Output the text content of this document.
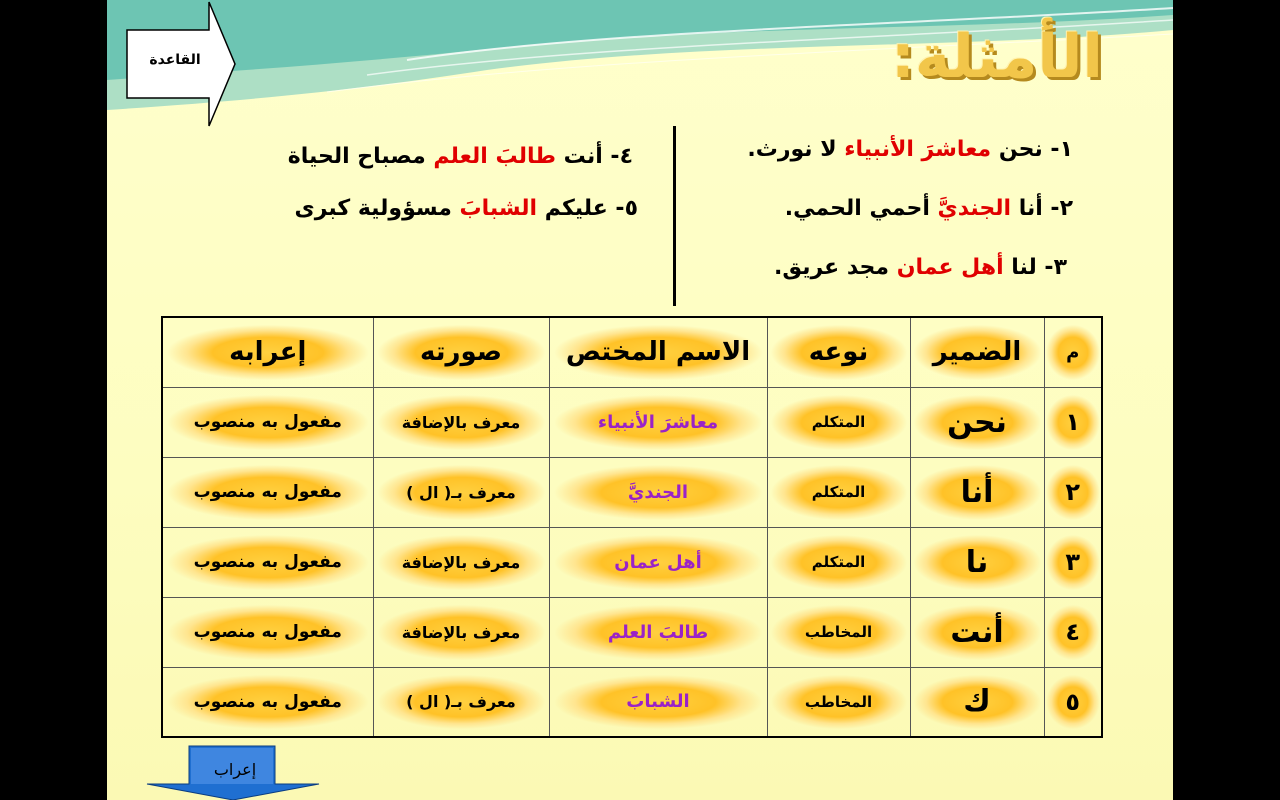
الأمثلة:
القاعدة
١- نحن معاشرَ الأنبياء لا نورث.
٢- أنا الجنديَّ أحمي الحمي.
٣- لنا أهل عمان مجد عريق.
٤- أنت طالبَ العلم مصباح الحياة
٥- عليكم الشبابَ مسؤولية كبرى
م	الضمير	نوعه	الاسم المختص	صورته	إعرابه

١	نحن	المتكلم	معاشرَ الأنبياء	معرف بالإضافة	مفعول به منصوب

٢	أنا	المتكلم	الجنديَّ	معرف بـ( ال )	مفعول به منصوب

٣	نا	المتكلم	أهل عمان	معرف بالإضافة	مفعول به منصوب

٤	أنت	المخاطب	طالبَ العلم	معرف بالإضافة	مفعول به منصوب

٥	ك	المخاطب	الشبابَ	معرف بـ( ال )	مفعول به منصوب
إعراب
